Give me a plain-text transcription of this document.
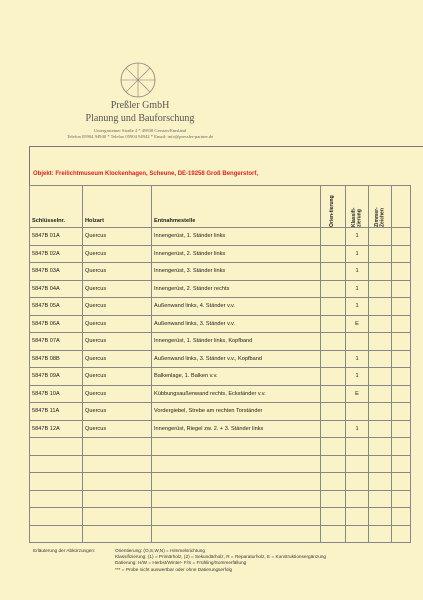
Preßler GmbH
Planung und Bauforschung
Untergasteiner Straße 4 * 49838 Gersten/Emsland
Telefon 05904 94940 * Telefax 05904 94942 * Email: info@pressler-partner.de
Objekt: Freilichtmuseum Klockenhagen, Scheune, DE-19258 Groß Bengerstorf,
Schlüsselnr.	Holzart	Entnahmestelle	Orien-tierung	Klassifi-zierung	Zimmer-Zeichen	

5847B 01A	Quercus	Innengerüst, 1. Ständer links		1		
5847B 02A	Quercus	Innengerüst, 2. Ständer links		1		
5847B 03A	Quercus	Innengerüst, 3. Ständer links		1		
5847B 04A	Quercus	Innengerüst, 2. Ständer rechts		1		
5847B 05A	Quercus	Außenwand links, 4. Ständer v.v.		1		
5847B 06A	Quercus	Außenwand links, 3. Ständer v.v.		E		
5847B 07A	Quercus	Innengerüst, 1. Ständer links, Kopfband				
5847B 08B	Quercus	Außenwand links, 3. Ständer v.v., Kopfband		1		
5847B 09A	Quercus	Balkenlage, 1. Balken v.v.		1		
5847B 10A	Quercus	Kübbungsaußenwand rechts, Eckständer v.v.		E		
5847B 11A	Quercus	Vordergiebel, Strebe am rechten Torständer				
5847B 12A	Quercus	Innengerüst, Riegel zw. 2. + 3. Ständer links		1		

Erläuterung der Abkürzungen:	Orientierung: (O,S,W,N) = Himmelsrichtung
Klassifizierung: (1) = Primärholz, (2) = Sekundärholz, R = Reparaturholz, E = Konstruktionsergänzung
Datierung: H/W = Herbst/Winter- F/S = Frühling/Sommerfällung
*** = Probe nicht auswertbar oder ohne Datierungserfolg
